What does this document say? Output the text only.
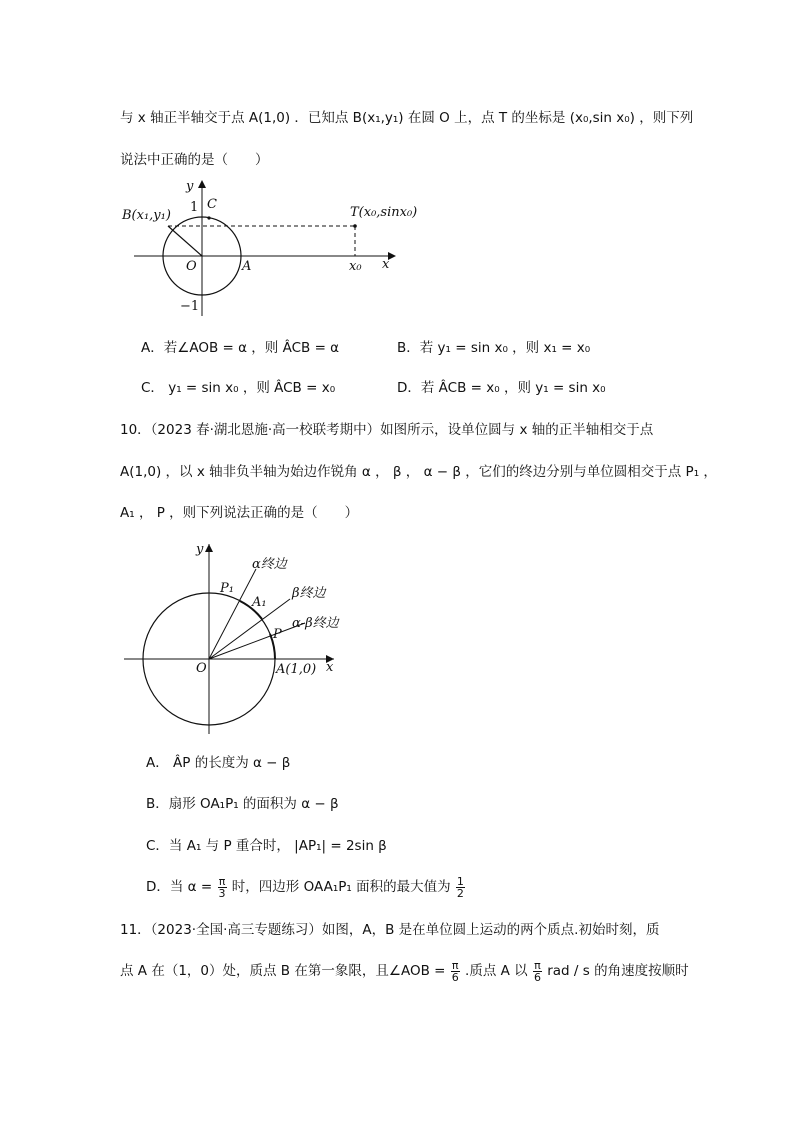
与 x 轴正半轴交于点 A(1,0) ．已知点 B(x₁,y₁) 在圆 O 上，点 T 的坐标是 (x₀,sin x₀) ，则下列
说法中正确的是（　　）
y
1 C
B(x₁,y₁)	T(x₀,sinx₀)
O	A	x₀ x
−1
A．若∠AOB = α ，则 ÂCB = α	B．若 y₁ = sin x₀ ，则 x₁ = x₀
C． y₁ = sin x₀ ，则 ÂCB = x₀	D．若 ÂCB = x₀ ，则 y₁ = sin x₀
10．（2023 春·湖北恩施·高一校联考期中）如图所示，设单位圆与 x 轴的正半轴相交于点
A(1,0) ，以 x 轴非负半轴为始边作锐角 α ， β ， α − β ，它们的终边分别与单位圆相交于点 P₁ ，
A₁ ， P ，则下列说法正确的是（　　）
y
α终边
β终边
α-β终边
P₁
A₁
P
O	A(1,0) x
A． ÂP 的长度为 α − β
B．扇形 OA₁P₁ 的面积为 α − β
C．当 A₁ 与 P 重合时， |AP₁| = 2sin β
D．当 $\alpha = \frac{\pi}{3}$ 时，四边形 OAA₁P₁ 面积的最大值为 $\frac{1}{2}$
11．（2023·全国·高三专题练习）如图，A，B 是在单位圆上运动的两个质点.初始时刻，质
点 A 在（1，0）处，质点 B 在第一象限，且∠AOB = $\frac{\pi}{6}$ .质点 A 以 $\frac{\pi}{6}$ rad / s 的角速度按顺时
